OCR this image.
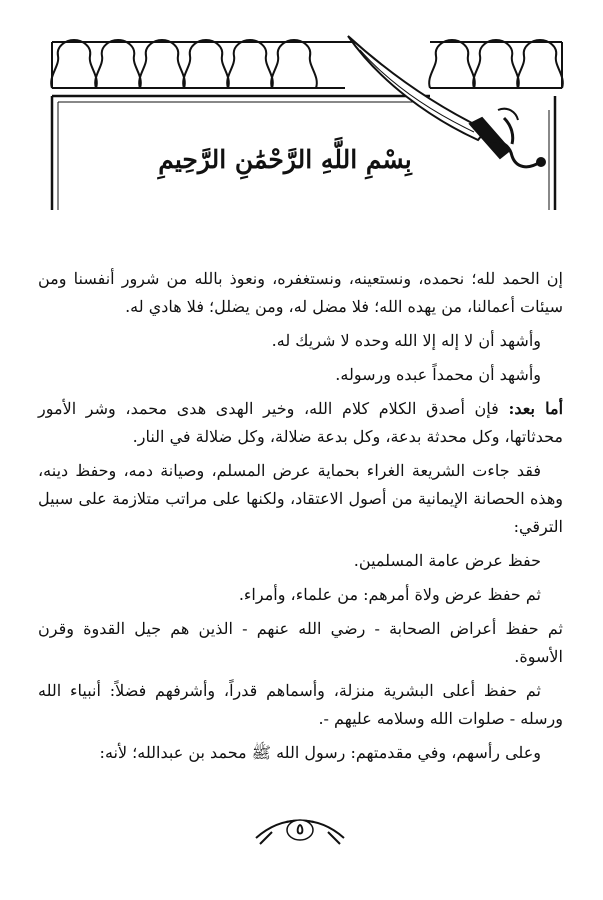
بِسْمِ اللَّهِ الرَّحْمَٰنِ الرَّحِيمِ

إن الحمد لله؛ نحمده، ونستعينه، ونستغفره، ونعوذ بالله من شرور أنفسنا ومن سيئات أعمالنا، من يهده الله؛ فلا مضل له، ومن يضلل؛ فلا هادي له.

وأشهد أن لا إله إلا الله وحده لا شريك له.

وأشهد أن محمداً عبده ورسوله.

أما بعد: فإن أصدق الكلام كلام الله، وخير الهدى هدى محمد، وشر الأمور محدثاتها، وكل محدثة بدعة، وكل بدعة ضلالة، وكل ضلالة في النار.

فقد جاءت الشريعة الغراء بحماية عرض المسلم، وصيانة دمه، وحفظ دينه، وهذه الحصانة الإيمانية من أصول الاعتقاد، ولكنها على مراتب متلازمة على سبيل الترقي:

حفظ عرض عامة المسلمين.

ثم حفظ عرض ولاة أمرهم: من علماء، وأمراء.

ثم حفظ أعراض الصحابة - رضي الله عنهم - الذين هم جيل القدوة وقرن الأسوة.

ثم حفظ أعلى البشرية منزلة، وأسماهم قدراً، وأشرفهم فضلاً: أنبياء الله ورسله - صلوات الله وسلامه عليهم -.

وعلى رأسهم، وفي مقدمتهم: رسول الله ﷺ محمد بن عبدالله؛ لأنه:

٥
